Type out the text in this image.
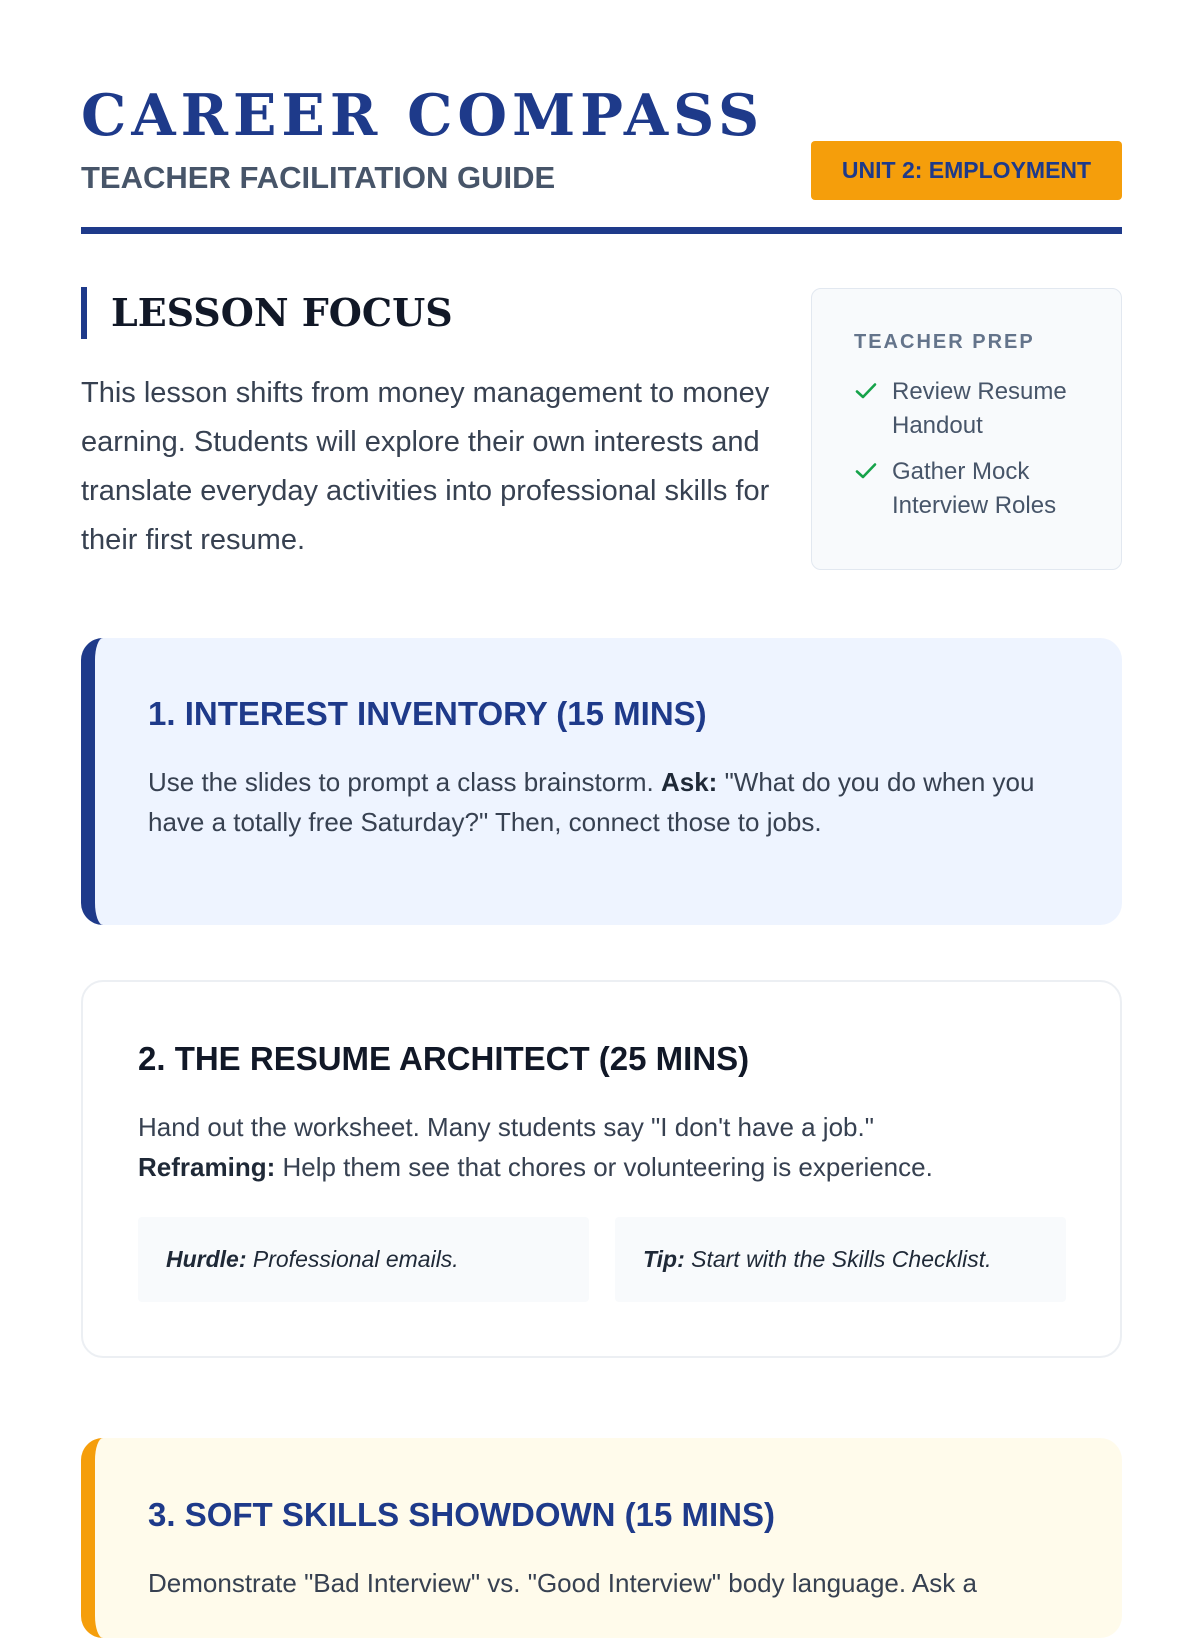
CAREER COMPASS
TEACHER FACILITATION GUIDE	UNIT 2: EMPLOYMENT
LESSON FOCUS

This lesson shifts from money management to money earning. Students will explore their own interests and translate everyday activities into professional skills for their first resume.

TEACHER PREP
Review Resume Handout
Gather Mock Interview Roles
1. INTEREST INVENTORY (15 MINS)

Use the slides to prompt a class brainstorm. Ask: "What do you do when you have a totally free Saturday?" Then, connect those to jobs.

2. THE RESUME ARCHITECT (25 MINS)

Hand out the worksheet. Many students say "I don't have a job."
Reframing: Help them see that chores or volunteering is experience.

Hurdle: Professional emails.	Tip: Start with the Skills Checklist.
3. SOFT SKILLS SHOWDOWN (15 MINS)

Demonstrate "Bad Interview" vs. "Good Interview" body language. Ask a
